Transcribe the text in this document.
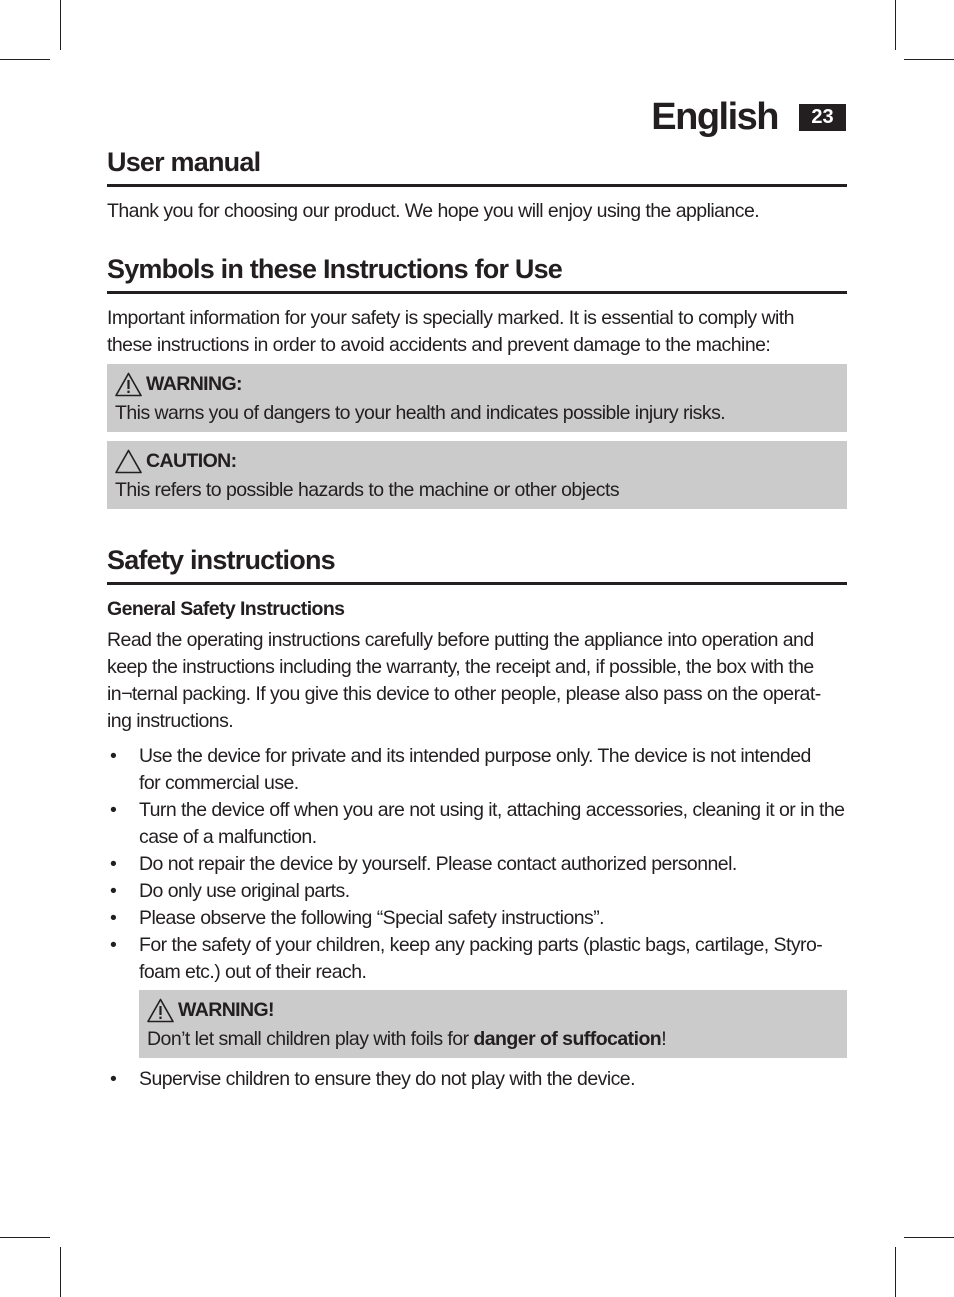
English	23
User manual
Thank you for choosing our product. We hope you will enjoy using the appliance.
Symbols in these Instructions for Use
Important information for your safety is specially marked. It is essential to comply with
these instructions in order to avoid accidents and prevent damage to the machine:
WARNING:
This warns you of dangers to your health and indicates possible injury risks.
CAUTION:
This refers to possible hazards to the machine or other objects
Safety instructions
General Safety Instructions
Read the operating instructions carefully before putting the appliance into operation and
keep the instructions including the warranty, the receipt and, if possible, the box with the
in¬ternal packing. If you give this device to other people, please also pass on the operat-
ing instructions.
• Use the device for private and its intended purpose only. The device is not intended
for commercial use.
• Turn the device off when you are not using it, attaching accessories, cleaning it or in the
case of a malfunction.
• Do not repair the device by yourself. Please contact authorized personnel.
• Do only use original parts.
• Please observe the following “Special safety instructions”.
• For the safety of your children, keep any packing parts (plastic bags, cartilage, Styro-
foam etc.) out of their reach.
WARNING!
Don’t let small children play with foils for danger of suffocation!
• Supervise children to ensure they do not play with the device.
